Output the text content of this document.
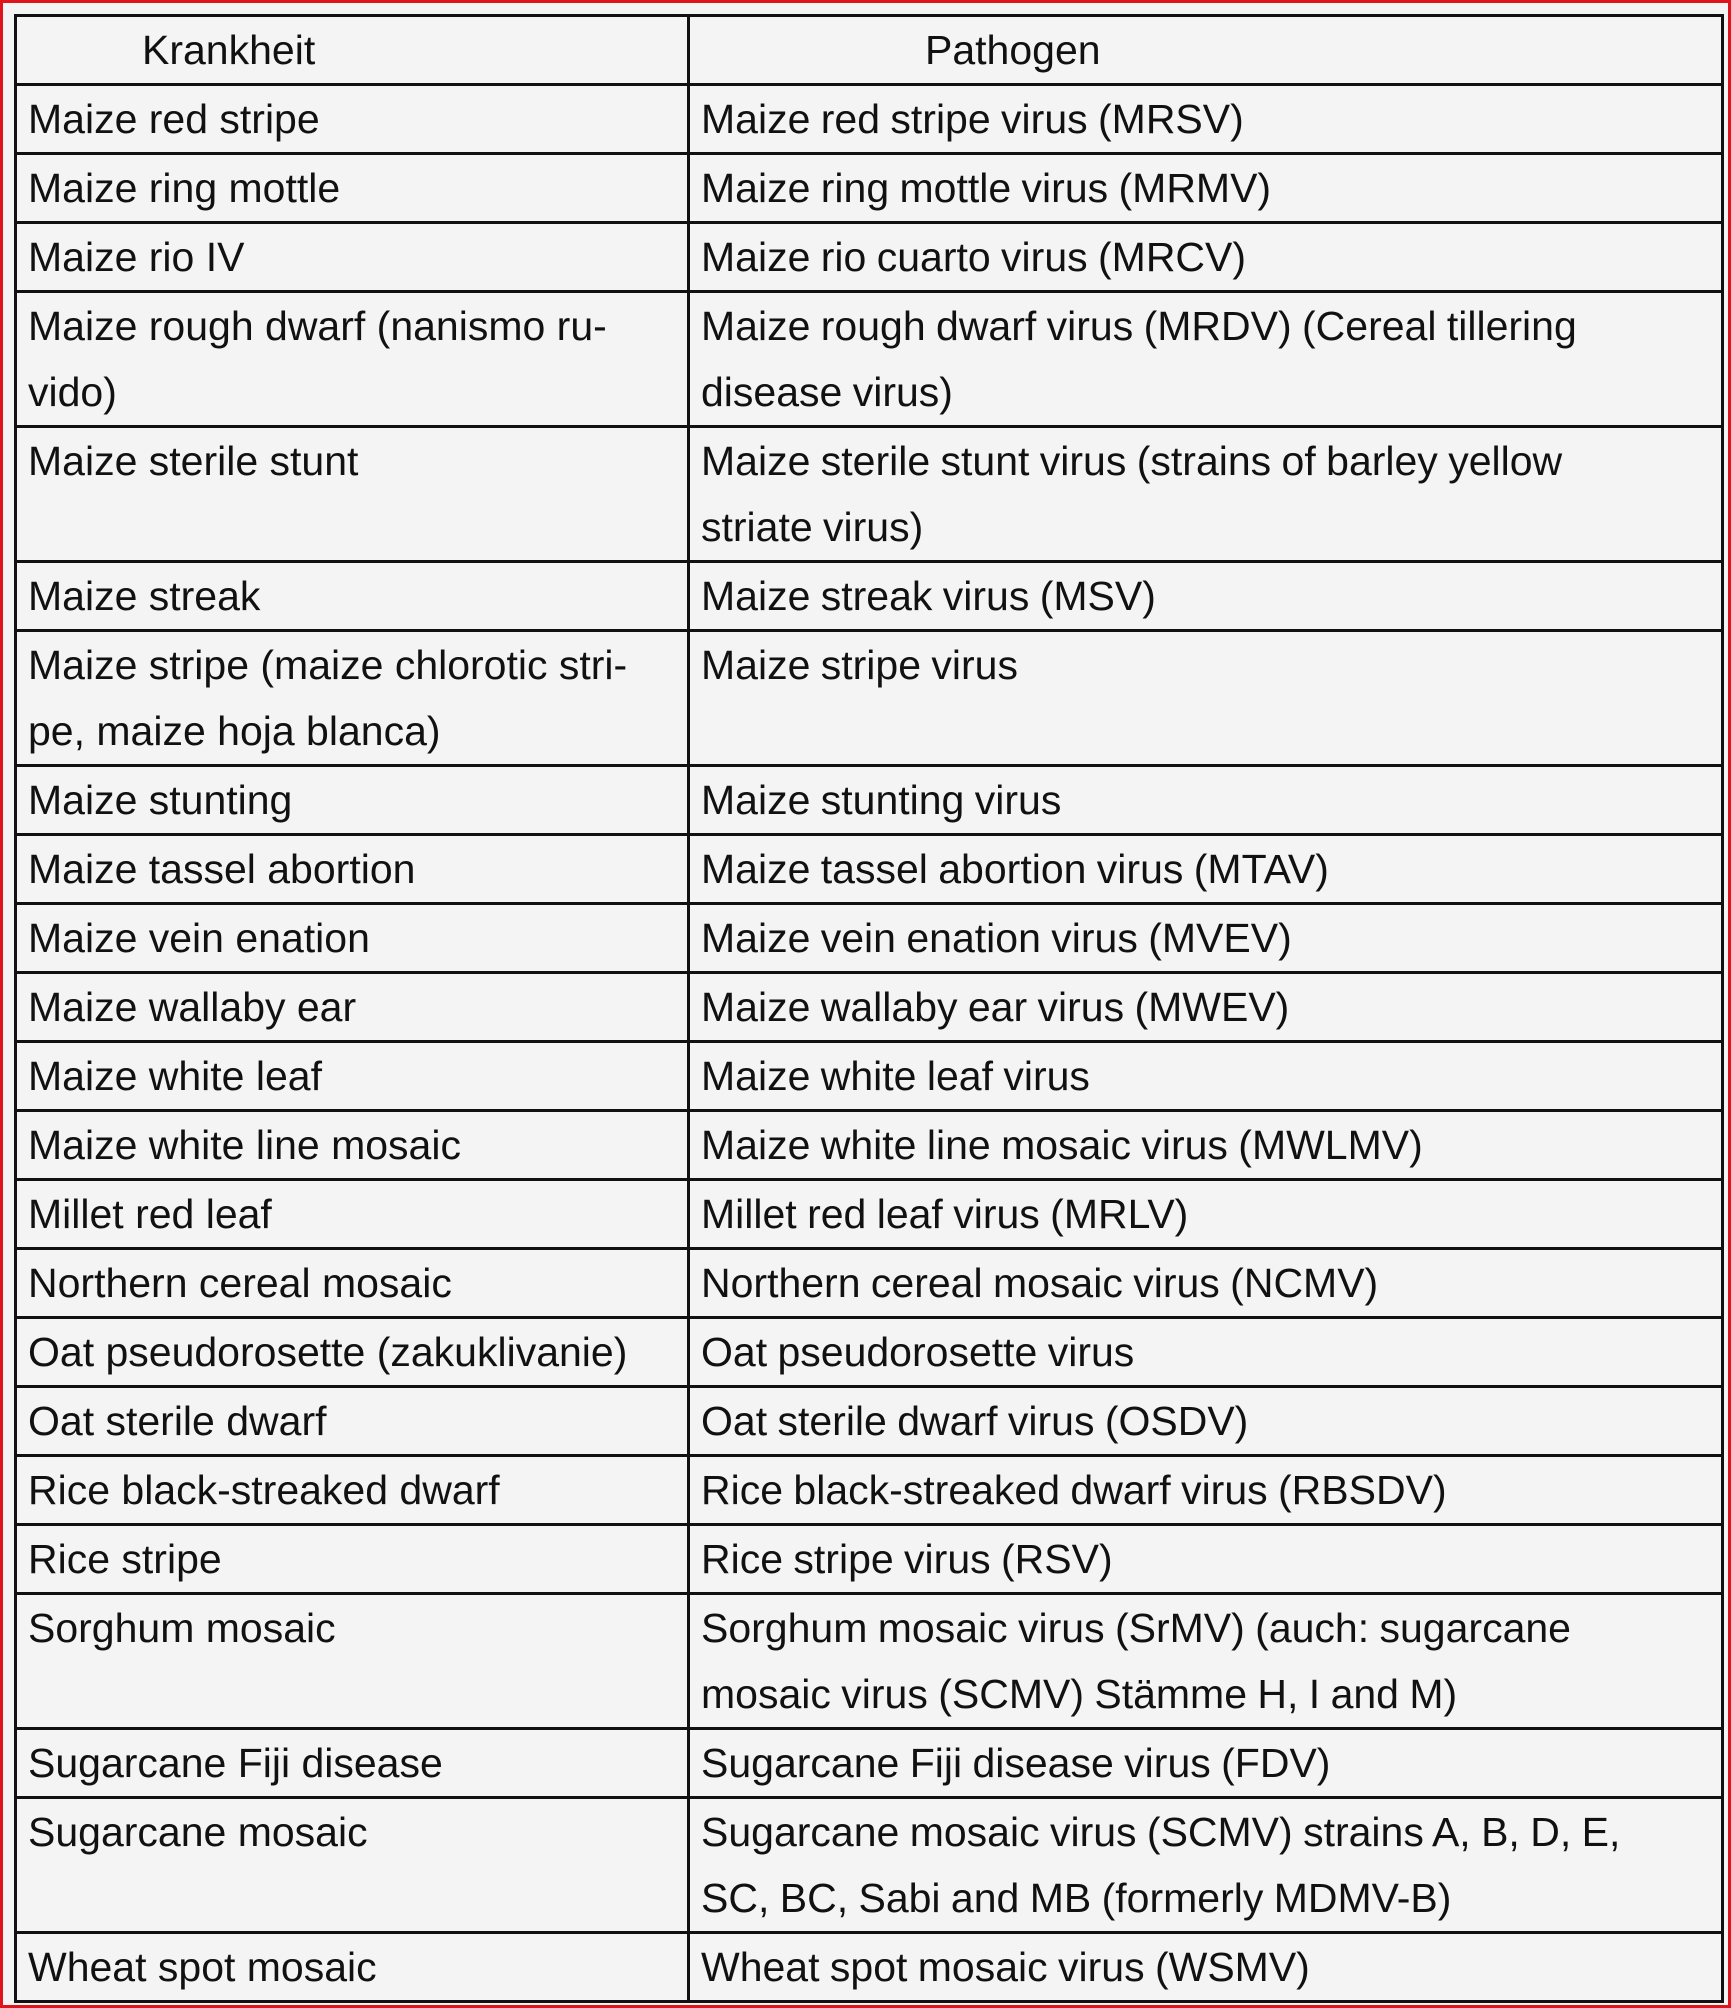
Krankheit	Pathogen
Maize red stripe	Maize red stripe virus (MRSV)
Maize ring mottle	Maize ring mottle virus (MRMV)
Maize rio IV	Maize rio cuarto virus (MRCV)
Maize rough dwarf (nanismo ru-
vido)	Maize rough dwarf virus (MRDV) (Cereal tillering
disease virus)
Maize sterile stunt	Maize sterile stunt virus (strains of barley yellow
striate virus)
Maize streak	Maize streak virus (MSV)
Maize stripe (maize chlorotic stri-
pe, maize hoja blanca)	Maize stripe virus
Maize stunting	Maize stunting virus
Maize tassel abortion	Maize tassel abortion virus (MTAV)
Maize vein enation	Maize vein enation virus (MVEV)
Maize wallaby ear	Maize wallaby ear virus (MWEV)
Maize white leaf	Maize white leaf virus
Maize white line mosaic	Maize white line mosaic virus (MWLMV)
Millet red leaf	Millet red leaf virus (MRLV)
Northern cereal mosaic	Northern cereal mosaic virus (NCMV)
Oat pseudorosette (zakuklivanie)	Oat pseudorosette virus
Oat sterile dwarf	Oat sterile dwarf virus (OSDV)
Rice black-streaked dwarf	Rice black-streaked dwarf virus (RBSDV)
Rice stripe	Rice stripe virus (RSV)
Sorghum mosaic	Sorghum mosaic virus (SrMV) (auch: sugarcane
mosaic virus (SCMV) Stämme H, I and M)
Sugarcane Fiji disease	Sugarcane Fiji disease virus (FDV)
Sugarcane mosaic	Sugarcane mosaic virus (SCMV) strains A, B, D, E,
SC, BC, Sabi and MB (formerly MDMV-B)
Wheat spot mosaic	Wheat spot mosaic virus (WSMV)
